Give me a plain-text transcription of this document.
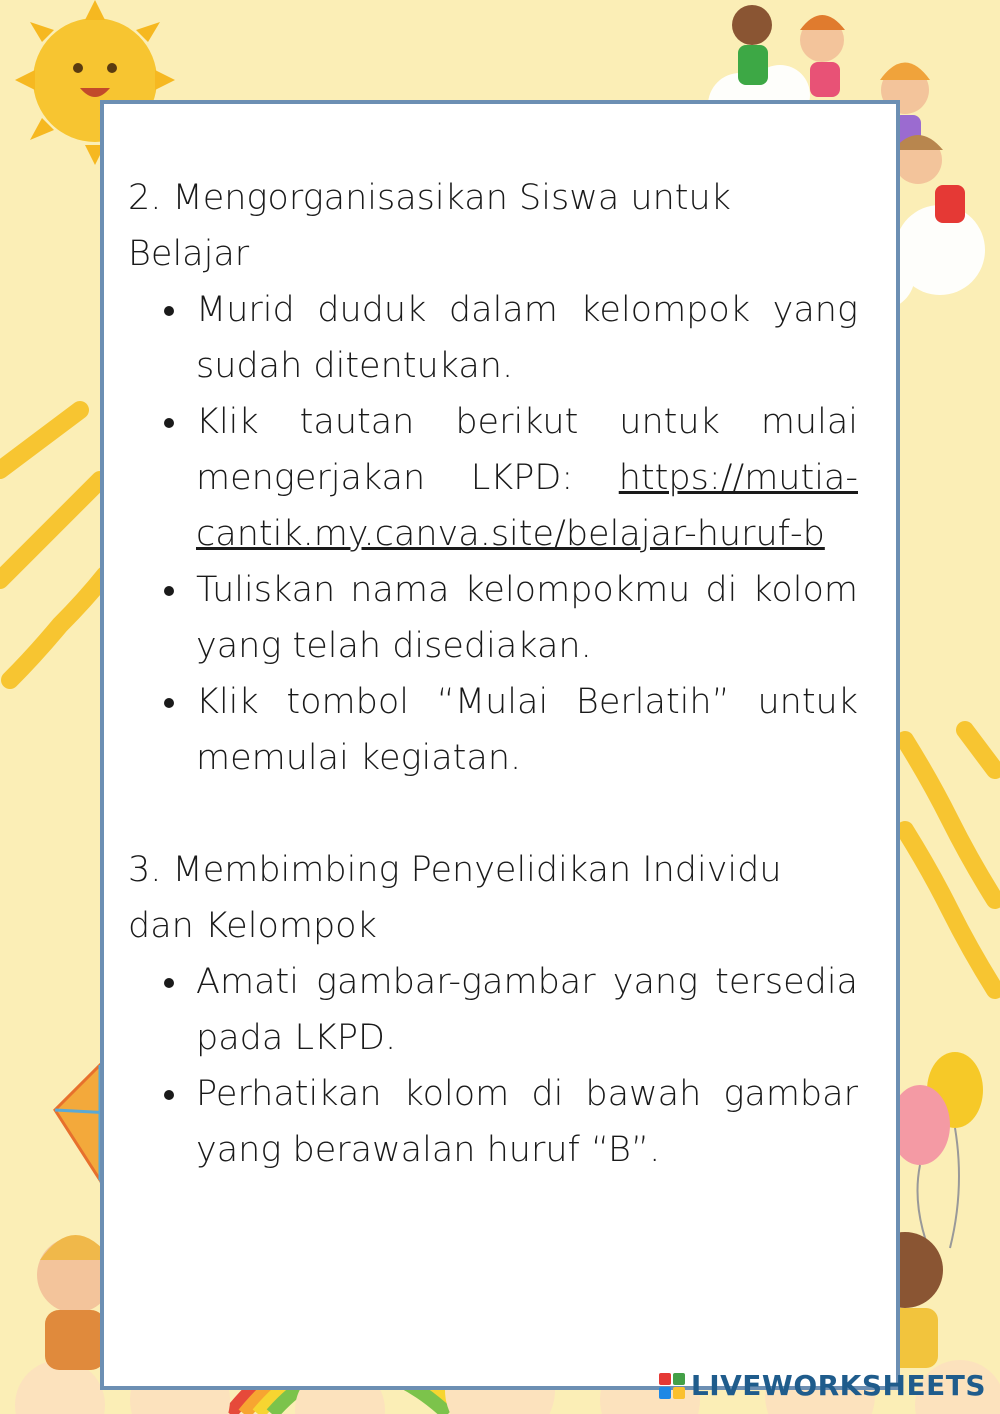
2. Mengorganisasikan Siswa untuk Belajar
Murid duduk dalam kelompok yang sudah ditentukan.
Klik tautan berikut untuk mulai mengerjakan LKPD: https://mutia-cantik.my.canva.site/belajar-huruf-b
Tuliskan nama kelompokmu di kolom yang telah disediakan.
Klik tombol “Mulai Berlatih” untuk memulai kegiatan.
3. Membimbing Penyelidikan Individu dan Kelompok
Amati gambar-gambar yang tersedia pada LKPD.
Perhatikan kolom di bawah gambar yang berawalan huruf “B”.
LIVEWORKSHEETS
